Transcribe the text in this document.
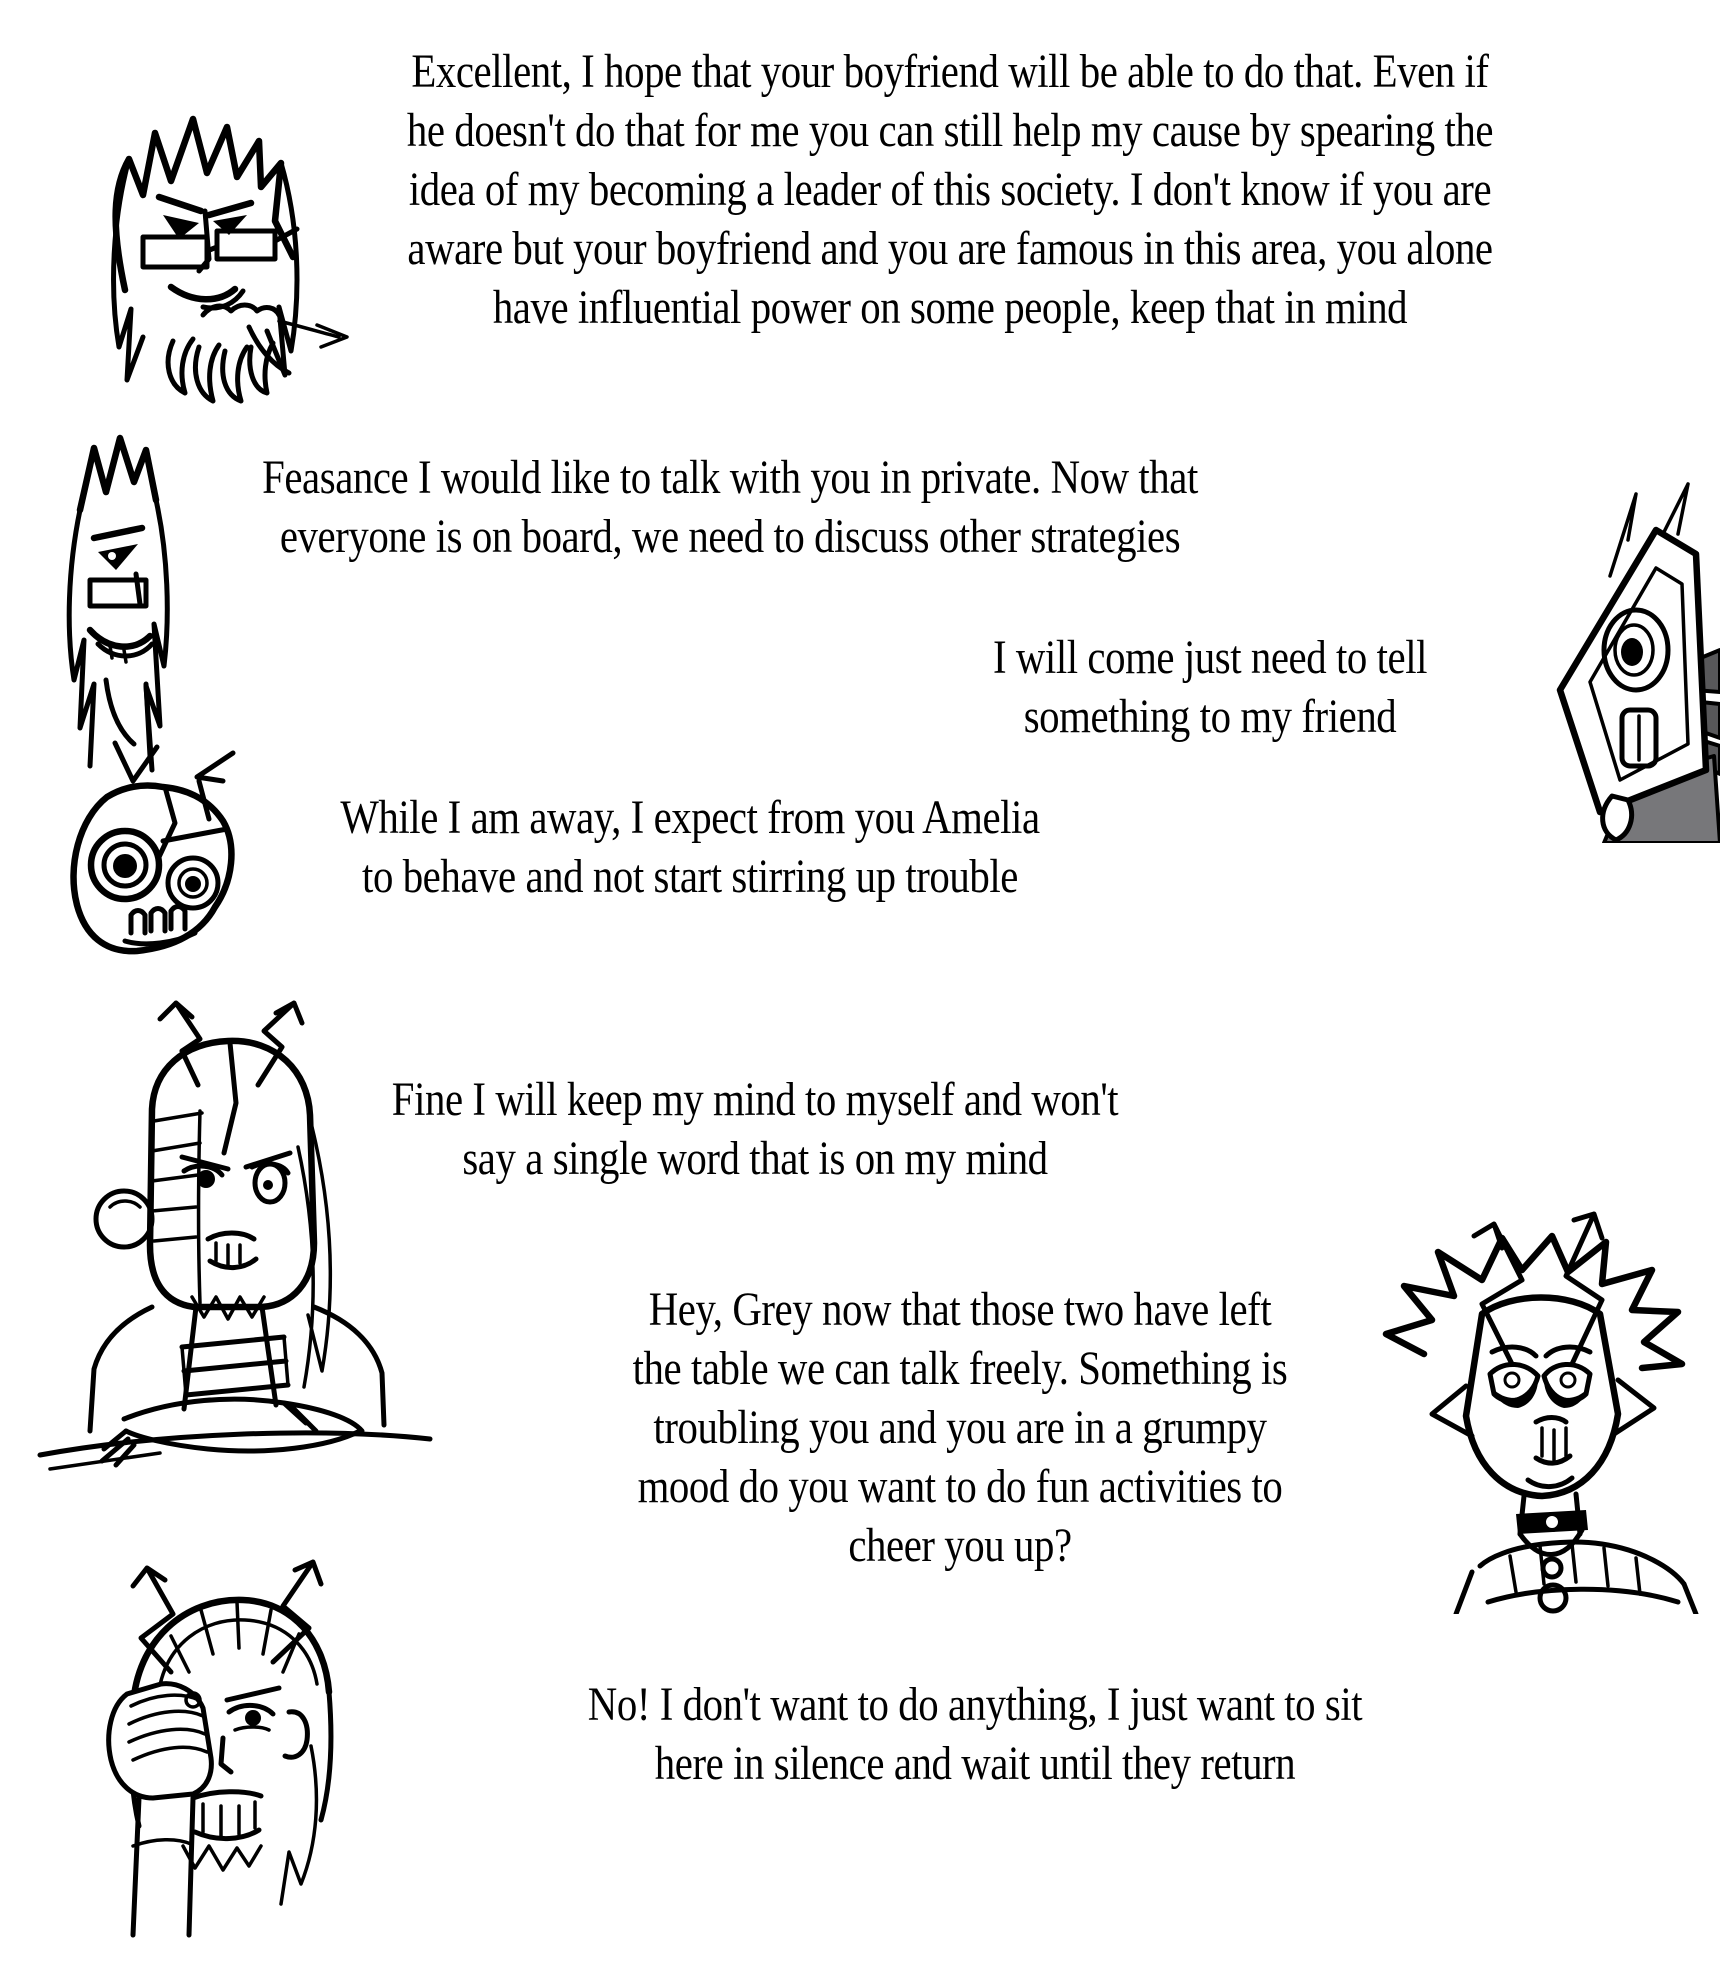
Excellent, I hope that your boyfriend will be able to do that. Even if
he doesn't do that for me you can still help my cause by spearing the
idea of my becoming a leader of this society. I don't know if you are
aware but your boyfriend and you are famous in this area, you alone
have influential power on some people, keep that in mind
Feasance I would like to talk with you in private. Now that
everyone is on board, we need to discuss other strategies
I will come just need to tell
something to my friend
While I am away, I expect from you Amelia
to behave and not start stirring up trouble
Fine I will keep my mind to myself and won't
say a single word that is on my mind
Hey, Grey now that those two have left
the table we can talk freely. Something is
troubling you and you are in a grumpy
mood do you want to do fun activities to
cheer you up?
No! I don't want to do anything, I just want to sit
here in silence and wait until they return
